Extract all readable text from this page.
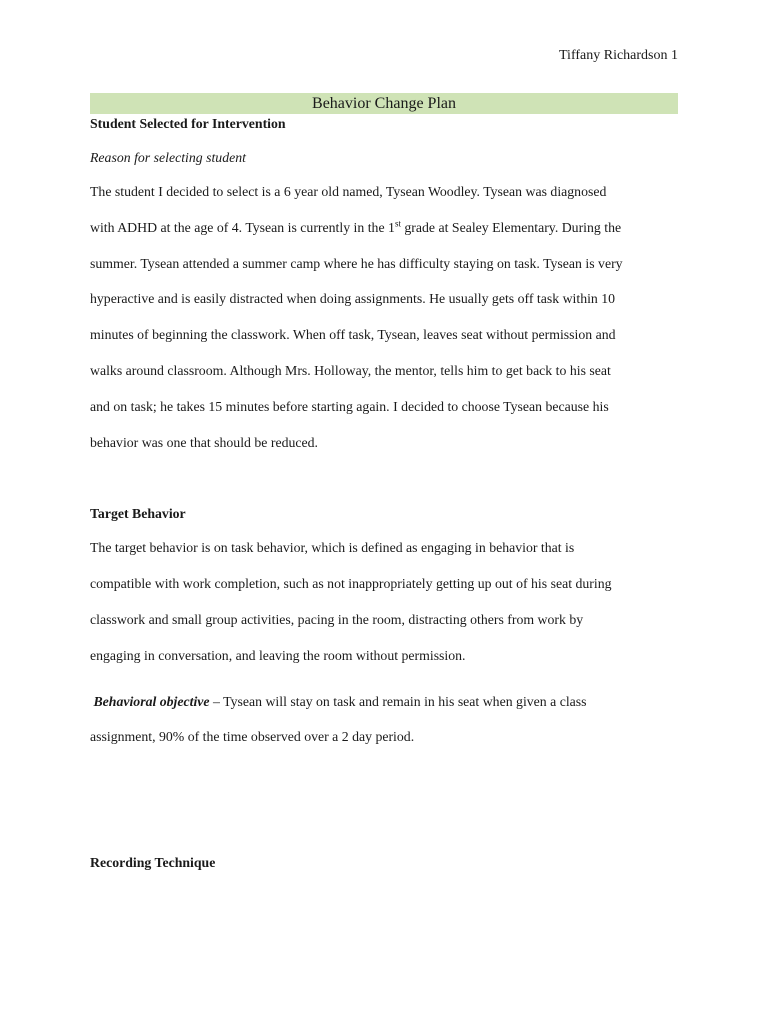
Tiffany Richardson 1
Behavior Change Plan

Student Selected for Intervention

Reason for selecting student

The student I decided to select is a 6 year old named, Tysean Woodley. Tysean was diagnosed
with ADHD at the age of 4. Tysean is currently in the 1st grade at Sealey Elementary. During the
summer. Tysean attended a summer camp where he has difficulty staying on task. Tysean is very
hyperactive and is easily distracted when doing assignments. He usually gets off task within 10
minutes of beginning the classwork. When off task, Tysean, leaves seat without permission and
walks around classroom. Although Mrs. Holloway, the mentor, tells him to get back to his seat
and on task; he takes 15 minutes before starting again. I decided to choose Tysean because his
behavior was one that should be reduced.

Target Behavior

The target behavior is on task behavior, which is defined as engaging in behavior that is
compatible with work completion, such as not inappropriately getting up out of his seat during
classwork and small group activities, pacing in the room, distracting others from work by
engaging in conversation, and leaving the room without permission.
Behavioral objective – Tysean will stay on task and remain in his seat when given a class
assignment, 90% of the time observed over a 2 day period.

Recording Technique
